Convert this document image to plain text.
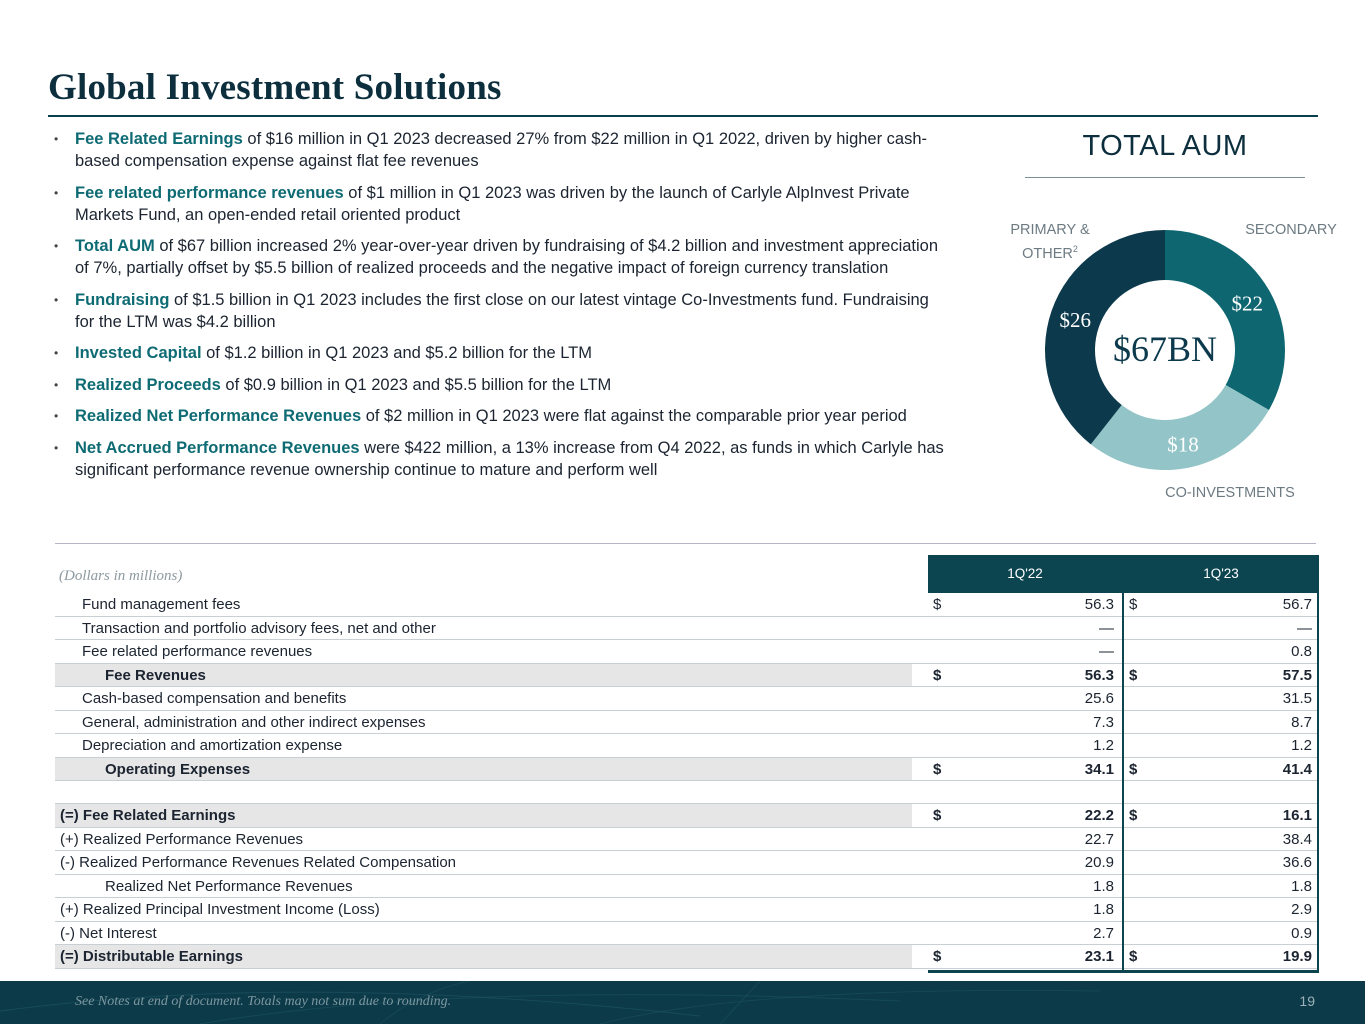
Global Investment Solutions
• Fee Related Earnings of $16 million in Q1 2023 decreased 27% from $22 million in Q1 2022, driven by higher cash-based compensation expense against flat fee revenues
• Fee related performance revenues of $1 million in Q1 2023 was driven by the launch of Carlyle AlpInvest Private Markets Fund, an open-ended retail oriented product
• Total AUM of $67 billion increased 2% year-over-year driven by fundraising of $4.2 billion and investment appreciation of 7%, partially offset by $5.5 billion of realized proceeds and the negative impact of foreign currency translation
• Fundraising of $1.5 billion in Q1 2023 includes the first close on our latest vintage Co-Investments fund. Fundraising for the LTM was $4.2 billion
• Invested Capital of $1.2 billion in Q1 2023 and $5.2 billion for the LTM
• Realized Proceeds of $0.9 billion in Q1 2023 and $5.5 billion for the LTM
• Realized Net Performance Revenues of $2 million in Q1 2023 were flat against the comparable prior year period
• Net Accrued Performance Revenues were $422 million, a 13% increase from Q4 2022, as funds in which Carlyle has significant performance revenue ownership continue to mature and perform well
TOTAL AUM
PRIMARY &
OTHER$^2$
SECONDARY
CO-INVESTMENTS
$22
$18
$26
$67BN
(Dollars in millions)	1Q'22	1Q'23
Fund management fees	$	56.3 $	56.7
Transaction and portfolio advisory fees, net and other	—	—
Fee related performance revenues	—	0.8
Fee Revenues	$	56.3 $	57.5
Cash-based compensation and benefits	25.6	31.5
General, administration and other indirect expenses	7.3	8.7
Depreciation and amortization expense	1.2	1.2
Operating Expenses	$	34.1 $	41.4
(=) Fee Related Earnings	$	22.2 $	16.1
(+) Realized Performance Revenues	22.7	38.4
(-) Realized Performance Revenues Related Compensation	20.9	36.6
Realized Net Performance Revenues	1.8	1.8
(+) Realized Principal Investment Income (Loss)	1.8	2.9
(-) Net Interest	2.7	0.9
(=) Distributable Earnings	$	23.1 $	19.9
See Notes at end of document. Totals may not sum due to rounding.	19
